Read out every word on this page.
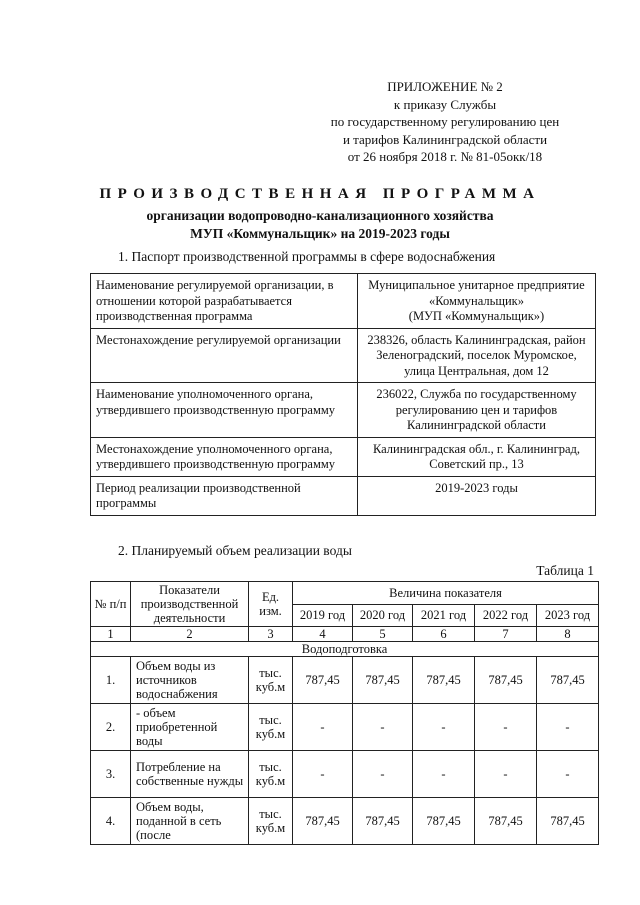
ПРИЛОЖЕНИЕ № 2
к приказу Службы
по государственному регулированию цен
и тарифов Калининградской области
от 26 ноября 2018 г. № 81-05окк/18
ПРОИЗВОДСТВЕННАЯ ПРОГРАММА
организации водопроводно-канализационного хозяйства
МУП «Коммунальщик» на 2019-2023 годы
1. Паспорт производственной программы в сфере водоснабжения
Наименование регулируемой организации, в отношении которой разрабатывается производственная программа	Муниципальное унитарное предприятие
«Коммунальщик»
(МУП «Коммунальщик»)

Местонахождение регулируемой организации	238326, область Калининградская, район
Зеленоградский, поселок Муромское,
улица Центральная, дом 12

Наименование уполномоченного органа, утвердившего производственную программу	236022, Служба по государственному
регулированию цен и тарифов
Калининградской области

Местонахождение уполномоченного органа, утвердившего производственную программу	Калининградская обл., г. Калининград,
Советский пр., 13

Период реализации производственной программы	2019-2023 годы
2. Планируемый объем реализации воды
Таблица 1
№ п/п	Показатели производственной деятельности	Ед. изм.	Величина показателя				
			2019 год	2020 год	2021 год	2022 год	2023 год
1	2	3	4	5	6	7	8
Водоподготовка							
1.	Объем воды из источников водоснабжения	тыс. куб.м	787,45	787,45	787,45	787,45	787,45
2.	- объем приобретенной воды	тыс. куб.м	-	-	-	-	-
3.	Потребление на собственные нужды	тыс. куб.м	-	-	-	-	-
4.	Объем воды, поданной в сеть (после	тыс. куб.м	787,45	787,45	787,45	787,45	787,45
